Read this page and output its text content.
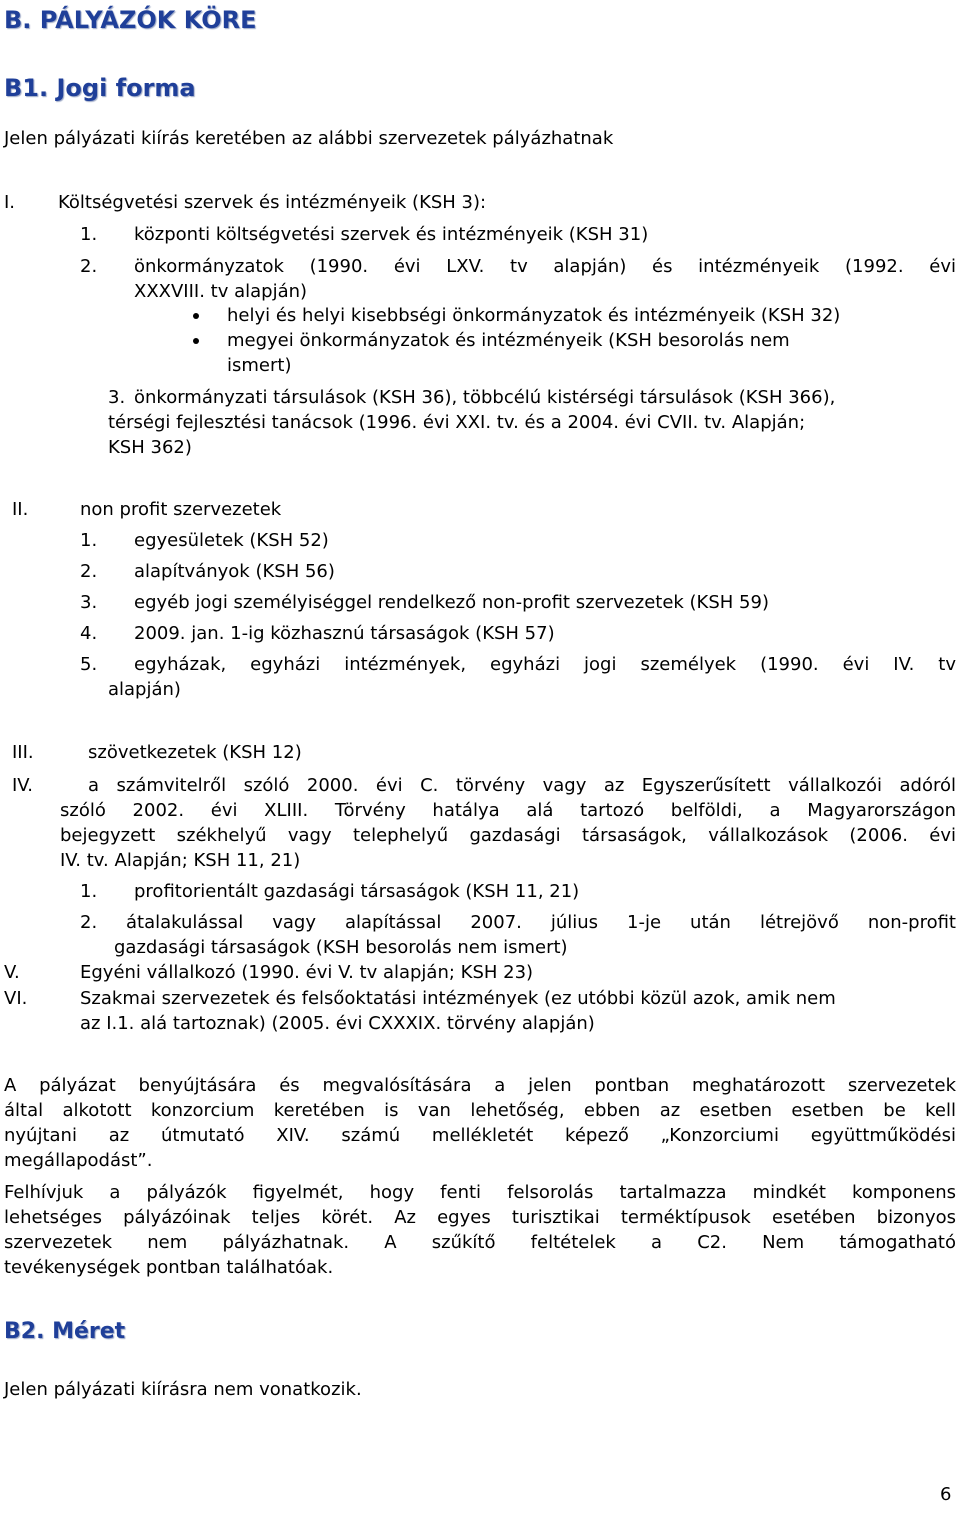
B. PÁLYÁZÓK KÖRE
B1. Jogi forma
Jelen pályázati kiírás keretében az alábbi szervezetek pályázhatnak
I. Költségvetési szervek és intézményeik (KSH 3):
1. központi költségvetési szervek és intézményeik (KSH 31)
2. önkormányzatok (1990. évi LXV. tv alapján) és intézményeik (1992. évi
XXXVIII. tv alapján)
helyi és helyi kisebbségi önkormányzatok és intézményeik (KSH 32)
megyei önkormányzatok és intézményeik (KSH besorolás nem
ismert)
3. önkormányzati társulások (KSH 36), többcélú kistérségi társulások (KSH 366),
térségi fejlesztési tanácsok (1996. évi XXI. tv. és a 2004. évi CVII. tv. Alapján;
KSH 362)
II.	non profit szervezetek
1. egyesületek (KSH 52)
2. alapítványok (KSH 56)
3. egyéb jogi személyiséggel rendelkező non-profit szervezetek (KSH 59)
4. 2009. jan. 1-ig közhasznú társaságok (KSH 57)
5. egyházak, egyházi intézmények, egyházi jogi személyek (1990. évi IV. tv
alapján)
III.	szövetkezetek (KSH 12)
IV.	a számvitelről szóló 2000. évi C. törvény vagy az Egyszerűsített vállalkozói adóról
szóló 2002. évi XLIII. Törvény hatálya alá tartozó belföldi, a Magyarországon
bejegyzett székhelyű vagy telephelyű gazdasági társaságok, vállalkozások (2006. évi
IV. tv. Alapján; KSH 11, 21)
1. profitorientált gazdasági társaságok (KSH 11, 21)
2. átalakulással vagy alapítással 2007. július 1-je után létrejövő non-profit
gazdasági társaságok (KSH besorolás nem ismert)
V.	Egyéni vállalkozó (1990. évi V. tv alapján; KSH 23)
VI.	Szakmai szervezetek és felsőoktatási intézmények (ez utóbbi közül azok, amik nem
az I.1. alá tartoznak) (2005. évi CXXXIX. törvény alapján)
A pályázat benyújtására és megvalósítására a jelen pontban meghatározott szervezetek
által alkotott konzorcium keretében is van lehetőség, ebben az esetben esetben be kell
nyújtani az útmutató XIV. számú mellékletét képező „Konzorciumi együttműködési
megállapodást”.
Felhívjuk a pályázók figyelmét, hogy fenti felsorolás tartalmazza mindkét komponens
lehetséges pályázóinak teljes körét. Az egyes turisztikai terméktípusok esetében bizonyos
szervezetek nem pályázhatnak. A szűkítő feltételek a C2. Nem támogatható
tevékenységek pontban találhatóak.
B2. Méret
Jelen pályázati kiírásra nem vonatkozik.
6
